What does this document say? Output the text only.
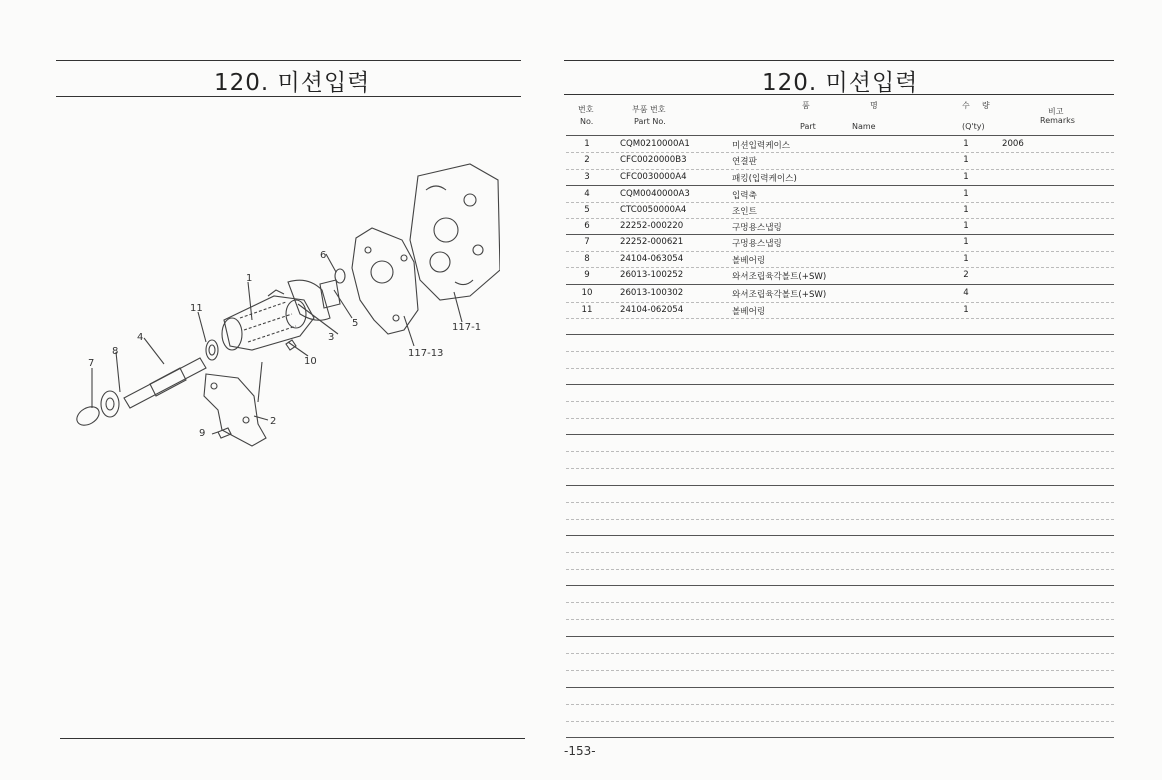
120. 미션입력
1
2
3
4
5
6
7
8
9
10
11
117-1
117-13
120. 미션입력
번호
No.
부품 번호
Part No.
품	명
Part	Name
수 량
(Q'ty)
비고
Remarks
1	CQM0210000A1	미션입력케이스	1	2006
2	CFC0020000B3	연결판	1
3	CFC0030000A4	패킹(입력케이스)	1
4	CQM0040000A3	입력축	1
5	CTC0050000A4	조인트	1
6	22252-000220	구멍용스냅링	1
7	22252-000621	구멍용스냅링	1
8	24104-063054	볼베어링	1
9	26013-100252	와셔조립육각볼트(+SW)	2
10	26013-100302	와셔조립육각볼트(+SW)	4
11	24104-062054	볼베어링	1
-153-
